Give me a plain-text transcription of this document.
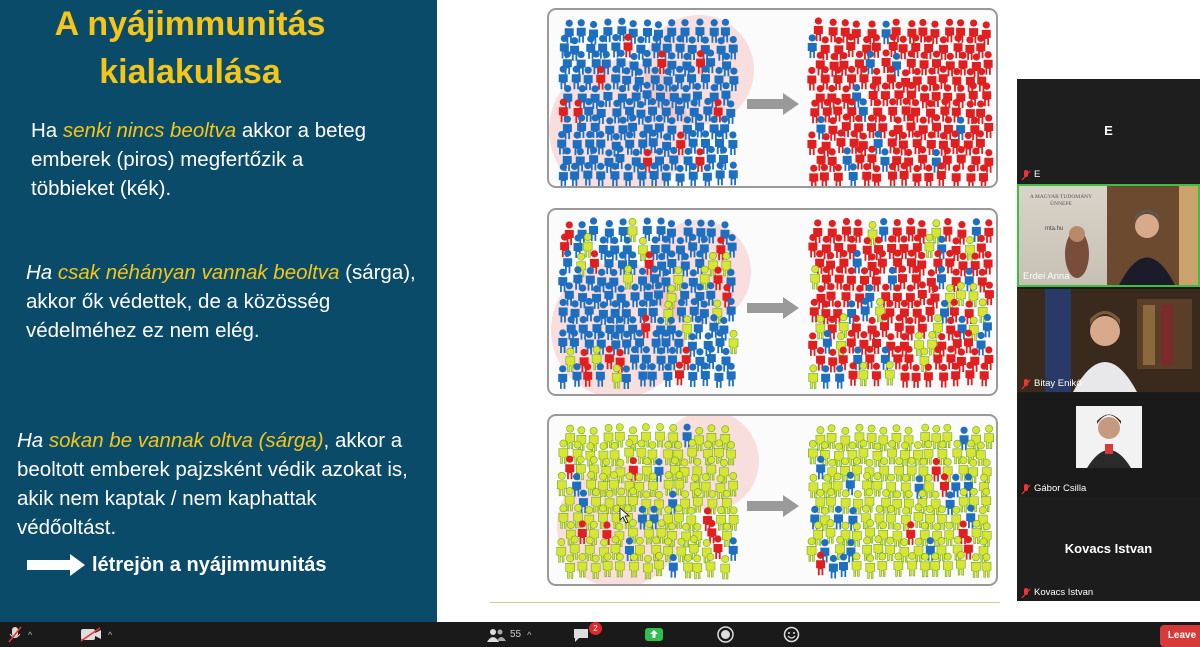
A nyájimmunitás
kialakulása
Ha senki nincs beoltva akkor a beteg emberek (piros) megfertőzik a többieket (kék).
Ha csak néhányan vannak beoltva (sárga), akkor ők védettek, de a közösség védelméhez ez nem elég.
Ha sokan be vannak oltva (sárga), akkor a beoltott emberek pajzsként védik azokat is, akik nem kaptak / nem kaphattak védőoltást.
létrejön a nyájimmunitás
E
E
A MAGYAR TUDOMÁNY ÜNNEPE
mta.hu
Erdei Anna
Bitay Enikő
Gábor Csilla
Kovacs Istvan
Kovacs Istvan
^	^	55 ^
2
Leave
